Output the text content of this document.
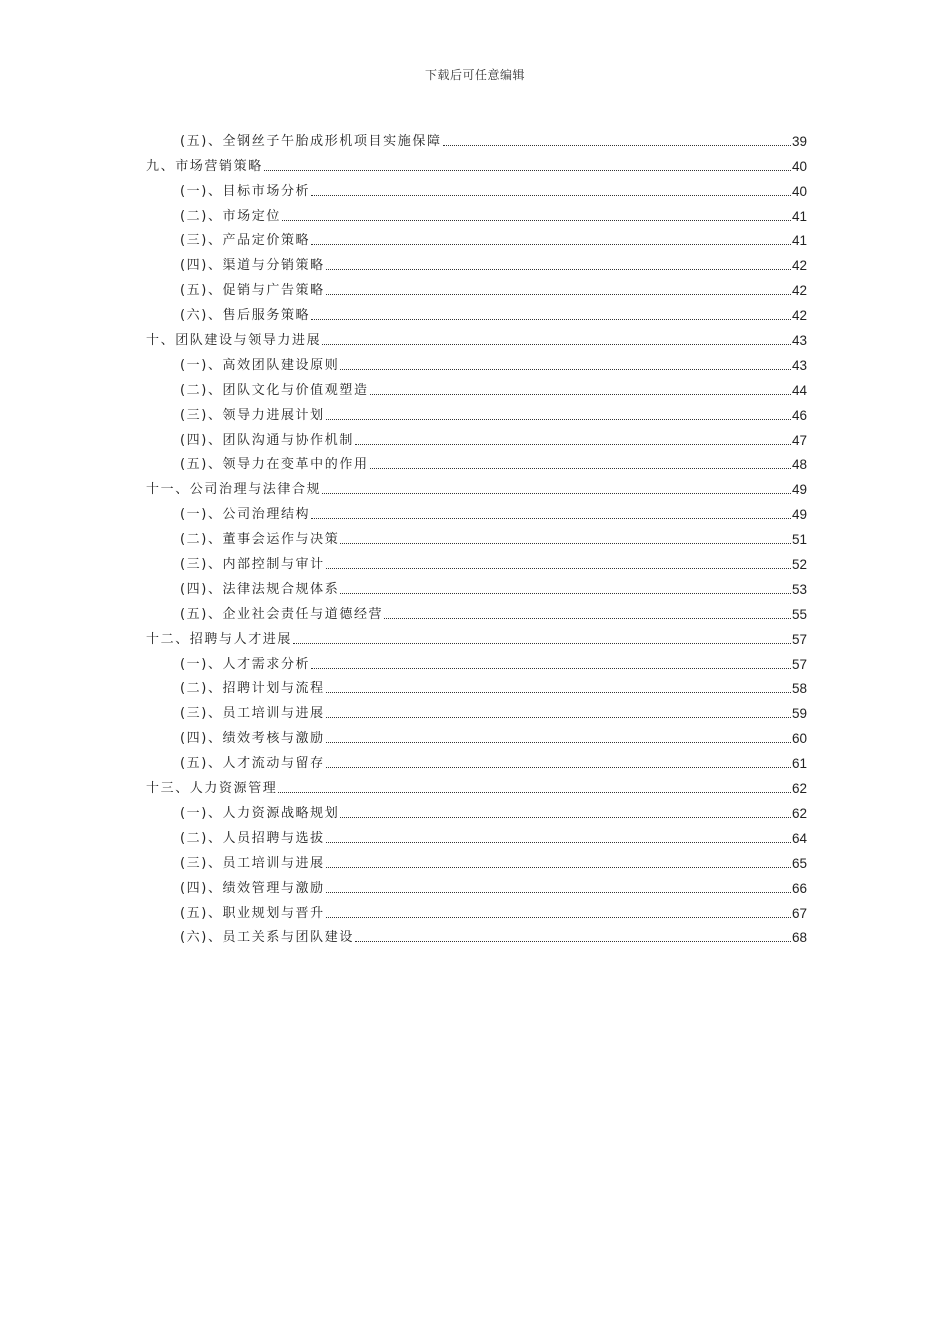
下载后可任意编辑
(五)、全钢丝子午胎成形机项目实施保障	39
九、市场营销策略	40
(一)、目标市场分析	40
(二)、市场定位	41
(三)、产品定价策略	41
(四)、渠道与分销策略	42
(五)、促销与广告策略	42
(六)、售后服务策略	42
十、团队建设与领导力进展	43
(一)、高效团队建设原则	43
(二)、团队文化与价值观塑造	44
(三)、领导力进展计划	46
(四)、团队沟通与协作机制	47
(五)、领导力在变革中的作用	48
十一、公司治理与法律合规	49
(一)、公司治理结构	49
(二)、董事会运作与决策	51
(三)、内部控制与审计	52
(四)、法律法规合规体系	53
(五)、企业社会责任与道德经营	55
十二、招聘与人才进展	57
(一)、人才需求分析	57
(二)、招聘计划与流程	58
(三)、员工培训与进展	59
(四)、绩效考核与激励	60
(五)、人才流动与留存	61
十三、人力资源管理	62
(一)、人力资源战略规划	62
(二)、人员招聘与选拔	64
(三)、员工培训与进展	65
(四)、绩效管理与激励	66
(五)、职业规划与晋升	67
(六)、员工关系与团队建设	68
